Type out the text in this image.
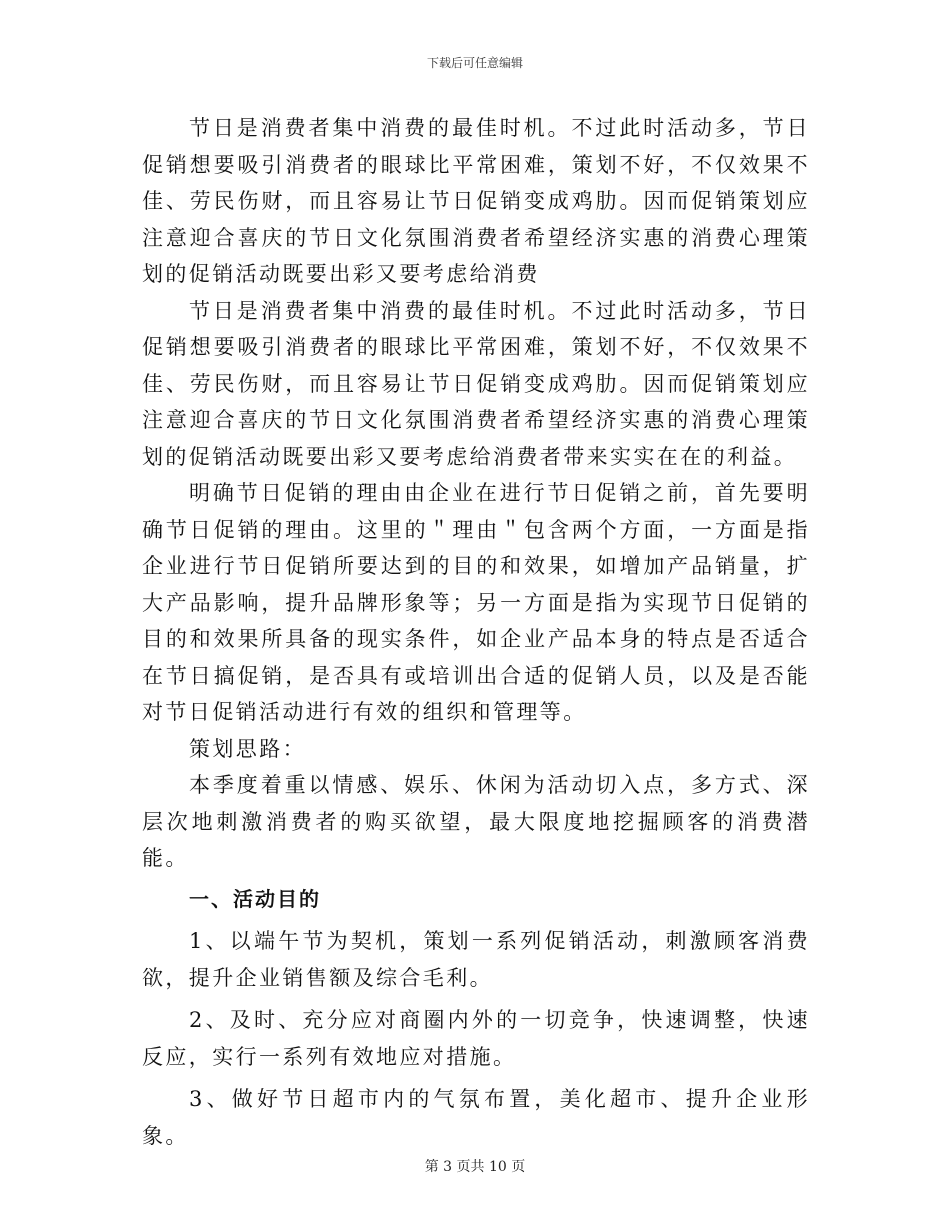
下载后可任意编辑

节日是消费者集中消费的最佳时机。不过此时活动多，节日促销想要吸引消费者的眼球比平常困难，策划不好，不仅效果不佳、劳民伤财，而且容易让节日促销变成鸡肋。因而促销策划应注意迎合喜庆的节日文化氛围消费者希望经济实惠的消费心理策划的促销活动既要出彩又要考虑给消费

节日是消费者集中消费的最佳时机。不过此时活动多，节日促销想要吸引消费者的眼球比平常困难，策划不好，不仅效果不佳、劳民伤财，而且容易让节日促销变成鸡肋。因而促销策划应注意迎合喜庆的节日文化氛围消费者希望经济实惠的消费心理策划的促销活动既要出彩又要考虑给消费者带来实实在在的利益。

明确节日促销的理由由企业在进行节日促销之前，首先要明确节日促销的理由。这里的＂理由＂包含两个方面，一方面是指企业进行节日促销所要达到的目的和效果，如增加产品销量，扩大产品影响，提升品牌形象等；另一方面是指为实现节日促销的目的和效果所具备的现实条件，如企业产品本身的特点是否适合在节日搞促销，是否具有或培训出合适的促销人员，以及是否能对节日促销活动进行有效的组织和管理等。

策划思路：

本季度着重以情感、娱乐、休闲为活动切入点，多方式、深层次地刺激消费者的购买欲望，最大限度地挖掘顾客的消费潜能。

一、活动目的

1、以端午节为契机，策划一系列促销活动，刺激顾客消费欲，提升企业销售额及综合毛利。

2、及时、充分应对商圈内外的一切竞争，快速调整，快速反应，实行一系列有效地应对措施。

3、做好节日超市内的气氛布置，美化超市、提升企业形象。

第 3 页共 10 页
